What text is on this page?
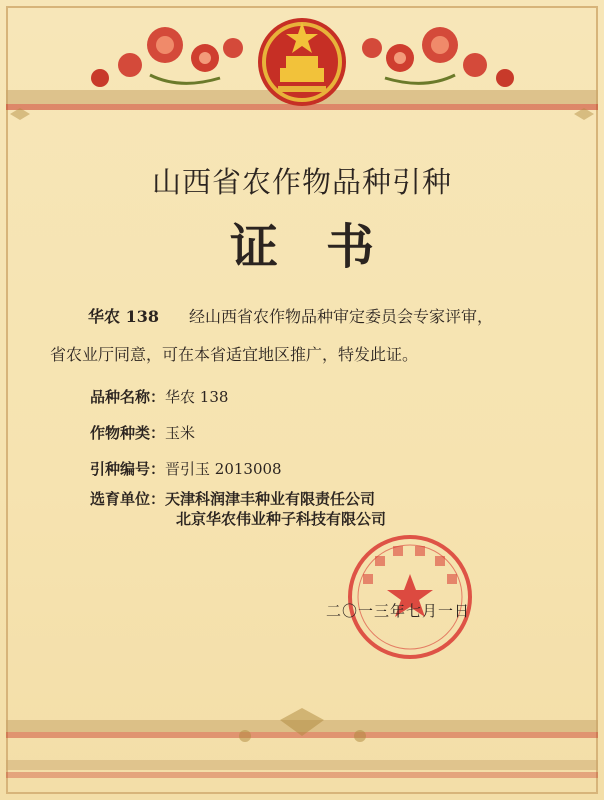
山西省农作物品种引种
证书
华农 138 经山西省农作物品种审定委员会专家评审，
省农业厅同意，可在本省适宜地区推广，特发此证。
品种名称：华农 138
作物种类：玉米
引种编号：晋引玉 2013008
选育单位：天津科润津丰种业有限责任公司
北京华农伟业种子科技有限公司
二〇一三年七月一日
